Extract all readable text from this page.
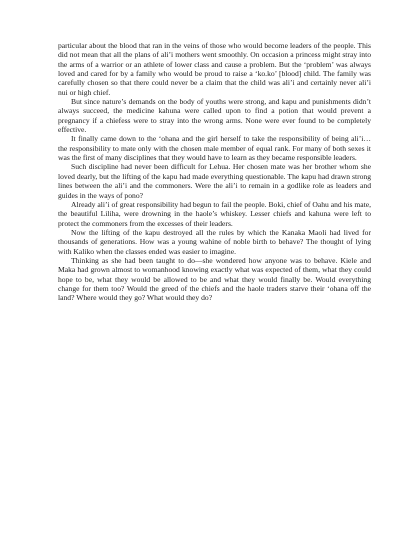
particular about the blood that ran in the veins of those who would become leaders of the people. This did not mean that all the plans of ali’i mothers went smoothly. On occasion a princess might stray into the arms of a warrior or an athlete of lower class and cause a problem. But the ‘problem’ was always loved and cared for by a family who would be proud to raise a ‘ko.ko’ [blood] child. The family was carefully chosen so that there could never be a claim that the child was ali’i and certainly never ali’i nui or high chief.

But since nature’s demands on the body of youths were strong, and kapu and punishments didn’t always succeed, the medicine kahuna were called upon to find a potion that would prevent a pregnancy if a chiefess were to stray into the wrong arms. None were ever found to be completely effective.

It finally came down to the ‘ohana and the girl herself to take the responsibility of being ali’i… the responsibility to mate only with the chosen male member of equal rank. For many of both sexes it was the first of many disciplines that they would have to learn as they became responsible leaders.

Such discipline had never been difficult for Lehua. Her chosen mate was her brother whom she loved dearly, but the lifting of the kapu had made everything questionable. The kapu had drawn strong lines between the ali’i and the commoners. Were the ali’i to remain in a godlike role as leaders and guides in the ways of pono?

Already ali’i of great responsibility had begun to fail the people. Boki, chief of Oahu and his mate, the beautiful Liliha, were drowning in the haole’s whiskey. Lesser chiefs and kahuna were left to protect the commoners from the excesses of their leaders.

Now the lifting of the kapu destroyed all the rules by which the Kanaka Maoli had lived for thousands of generations. How was a young wahine of noble birth to behave? The thought of lying with Kaliko when the classes ended was easier to imagine.

Thinking as she had been taught to do—she wondered how anyone was to behave. Kiele and Maka had grown almost to womanhood knowing exactly what was expected of them, what they could hope to be, what they would be allowed to be and what they would finally be. Would everything change for them too? Would the greed of the chiefs and the haole traders starve their ‘ohana off the land? Where would they go? What would they do?
